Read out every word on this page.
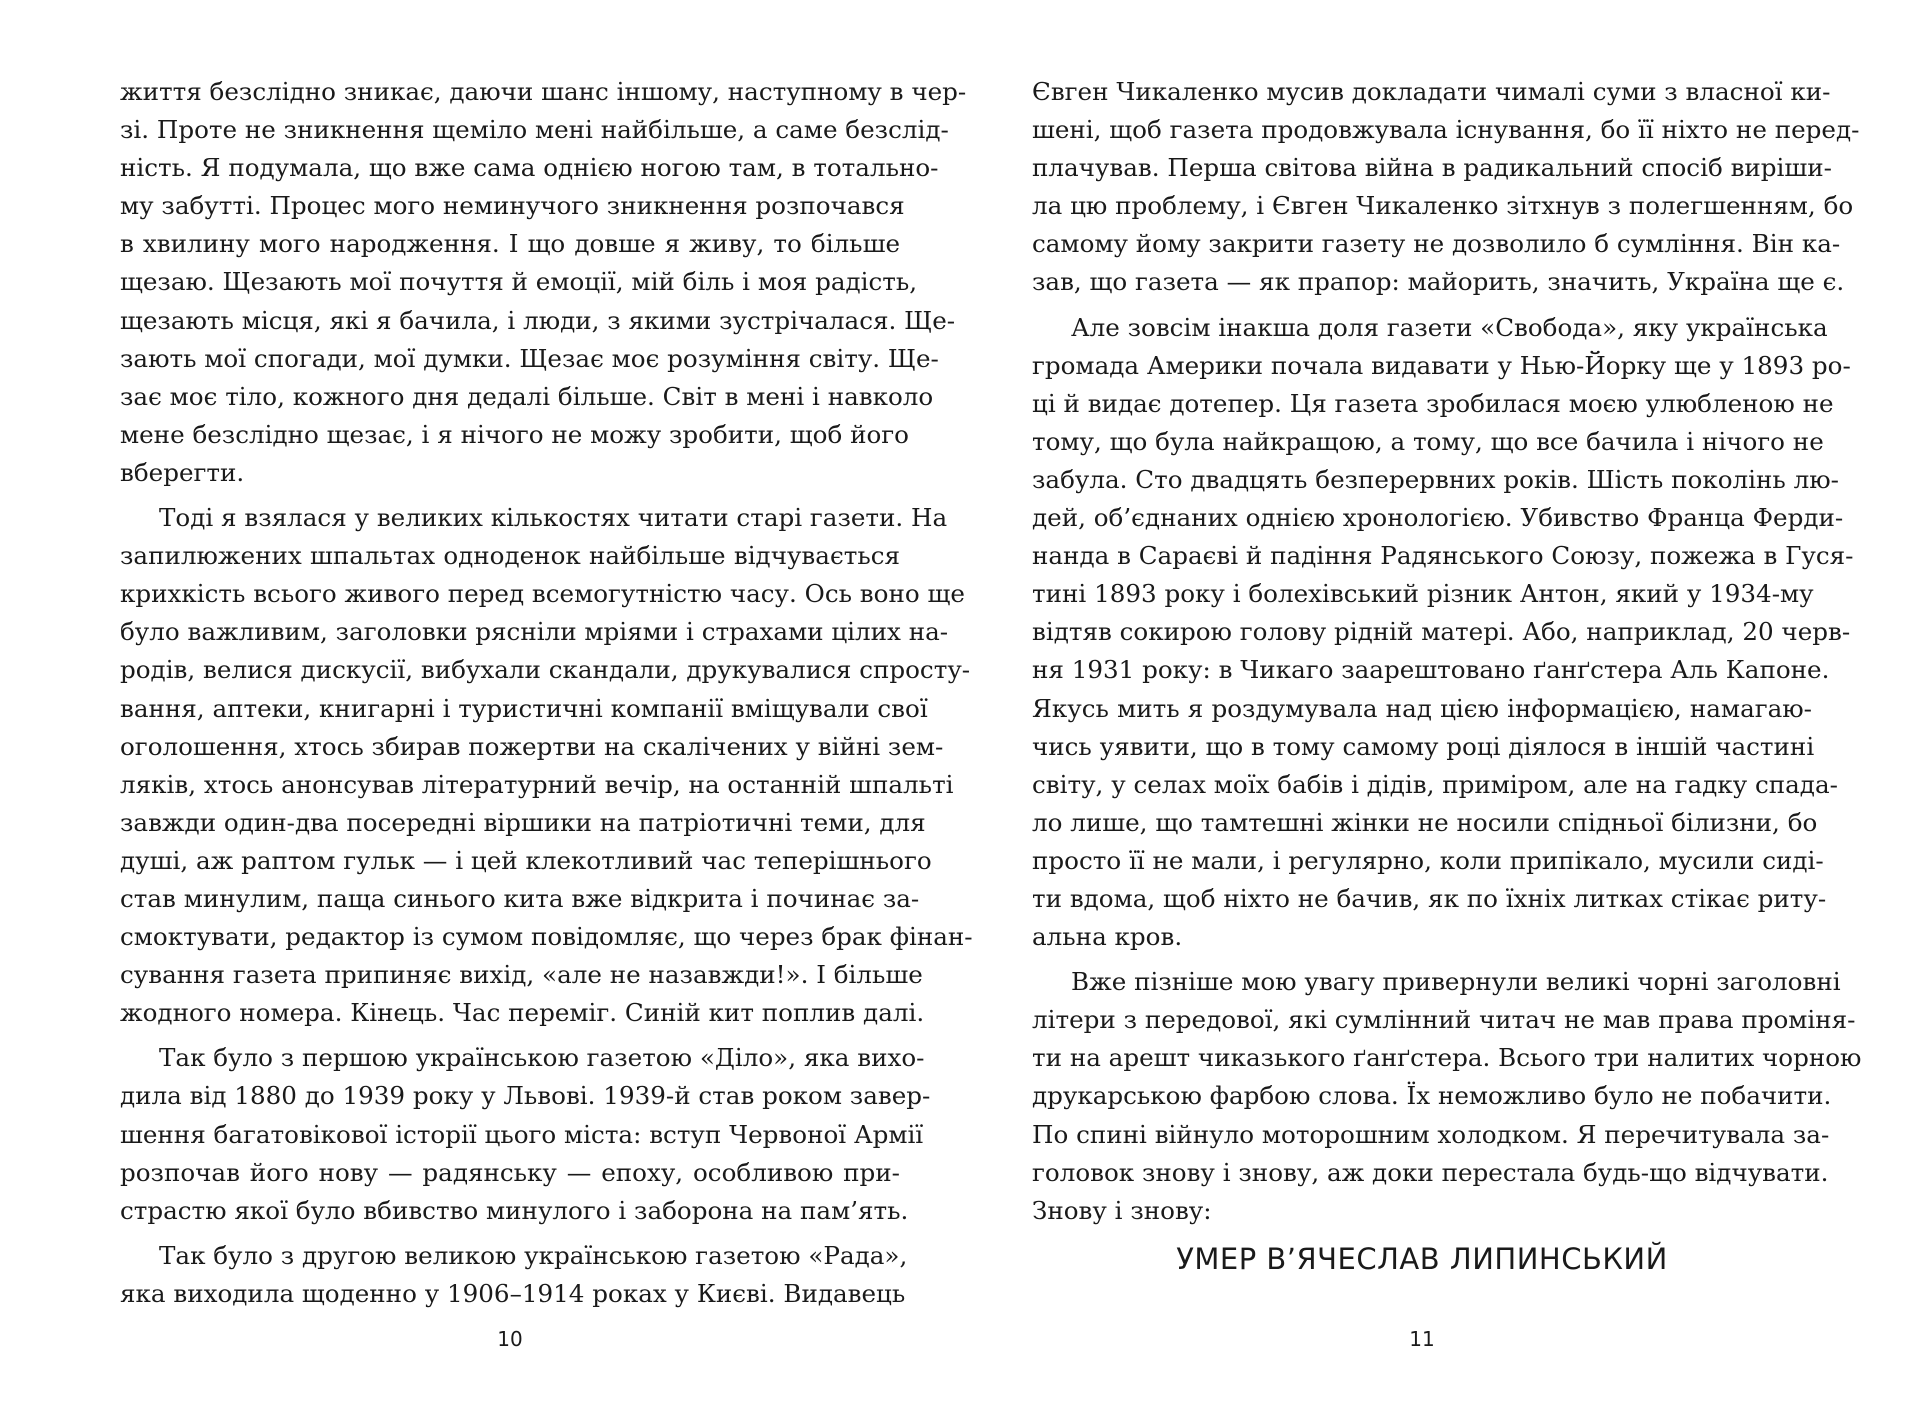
життя безслідно зникає, даючи шанс іншому, наступному в чер-
зі. Проте не зникнення щеміло мені найбільше, а саме безслід-
ність. Я подумала, що вже сама однією ногою там, в тотально-
му забутті. Процес мого неминучого зникнення розпочався
в хвилину мого народження. І що довше я живу, то більше
щезаю. Щезають мої почуття й емоції, мій біль і моя радість,
щезають місця, які я бачила, і люди, з якими зустрічалася. Ще-
зають мої спогади, мої думки. Щезає моє розуміння світу. Ще-
зає моє тіло, кожного дня дедалі більше. Світ в мені і навколо
мене безслідно щезає, і я нічого не можу зробити, щоб його
вберегти.
Тоді я взялася у великих кількостях читати старі газети. На
запилюжених шпальтах одноденок найбільше відчувається
крихкість всього живого перед всемогутністю часу. Ось воно ще
було важливим, заголовки рясніли мріями і страхами цілих на-
родів, велися дискусії, вибухали скандали, друкувалися спросту-
вання, аптеки, книгарні і туристичні компанії вміщували свої
оголошення, хтось збирав пожертви на скалічених у війні зем-
ляків, хтось анонсував літературний вечір, на останній шпальті
завжди один-два посередні віршики на патріотичні теми, для
душі, аж раптом гульк — і цей клекотливий час теперішнього
став минулим, паща синього кита вже відкрита і починає за-
смоктувати, редактор із сумом повідомляє, що через брак фінан-
сування газета припиняє вихід, «але не назавжди!». І більше
жодного номера. Кінець. Час переміг. Синій кит поплив далі.
Так було з першою українською газетою «Діло», яка вихо-
дила від 1880 до 1939 року у Львові. 1939-й став роком завер-
шення багатовікової історії цього міста: вступ Червоної Армії
розпочав його нову — радянську — епоху, особливою при-
страстю якої було вбивство минулого і заборона на пам’ять.
Так було з другою великою українською газетою «Рада»,
яка виходила щоденно у 1906–1914 роках у Києві. Видавець
Євген Чикаленко мусив докладати чималі суми з власної ки-
шені, щоб газета продовжувала існування, бо її ніхто не перед-
плачував. Перша світова війна в радикальний спосіб виріши-
ла цю проблему, і Євген Чикаленко зітхнув з полегшенням, бо
самому йому закрити газету не дозволило б сумління. Він ка-
зав, що газета — як прапор: майорить, значить, Україна ще є.
Але зовсім інакша доля газети «Свобода», яку українська
громада Америки почала видавати у Нью-Йорку ще у 1893 ро-
ці й видає дотепер. Ця газета зробилася моєю улюбленою не
тому, що була найкращою, а тому, що все бачила і нічого не
забула. Сто двадцять безперервних років. Шість поколінь лю-
дей, об’єднаних однією хронологією. Убивство Франца Ферди-
нанда в Сараєві й падіння Радянського Союзу, пожежа в Гуся-
тині 1893 року і болехівський різник Антон, який у 1934-му
відтяв сокирою голову рідній матері. Або, наприклад, 20 черв-
ня 1931 року: в Чикаго заарештовано ґанґстера Аль Капоне.
Якусь мить я роздумувала над цією інформацією, намагаю-
чись уявити, що в тому самому році діялося в іншій частині
світу, у селах моїх бабів і дідів, приміром, але на гадку спада-
ло лише, що тамтешні жінки не носили спідньої білизни, бо
просто її не мали, і регулярно, коли припікало, мусили сиді-
ти вдома, щоб ніхто не бачив, як по їхніх литках стікає риту-
альна кров.
Вже пізніше мою увагу привернули великі чорні заголовні
літери з передової, які сумлінний читач не мав права проміня-
ти на арешт чиказького ґанґстера. Всього три налитих чорною
друкарською фарбою слова. Їх неможливо було не побачити.
По спині війнуло моторошним холодком. Я перечитувала за-
головок знову і знову, аж доки перестала будь-що відчувати.
Знову і знову:
УМЕР В’ЯЧЕСЛАВ ЛИПИНСЬКИЙ
10	11
